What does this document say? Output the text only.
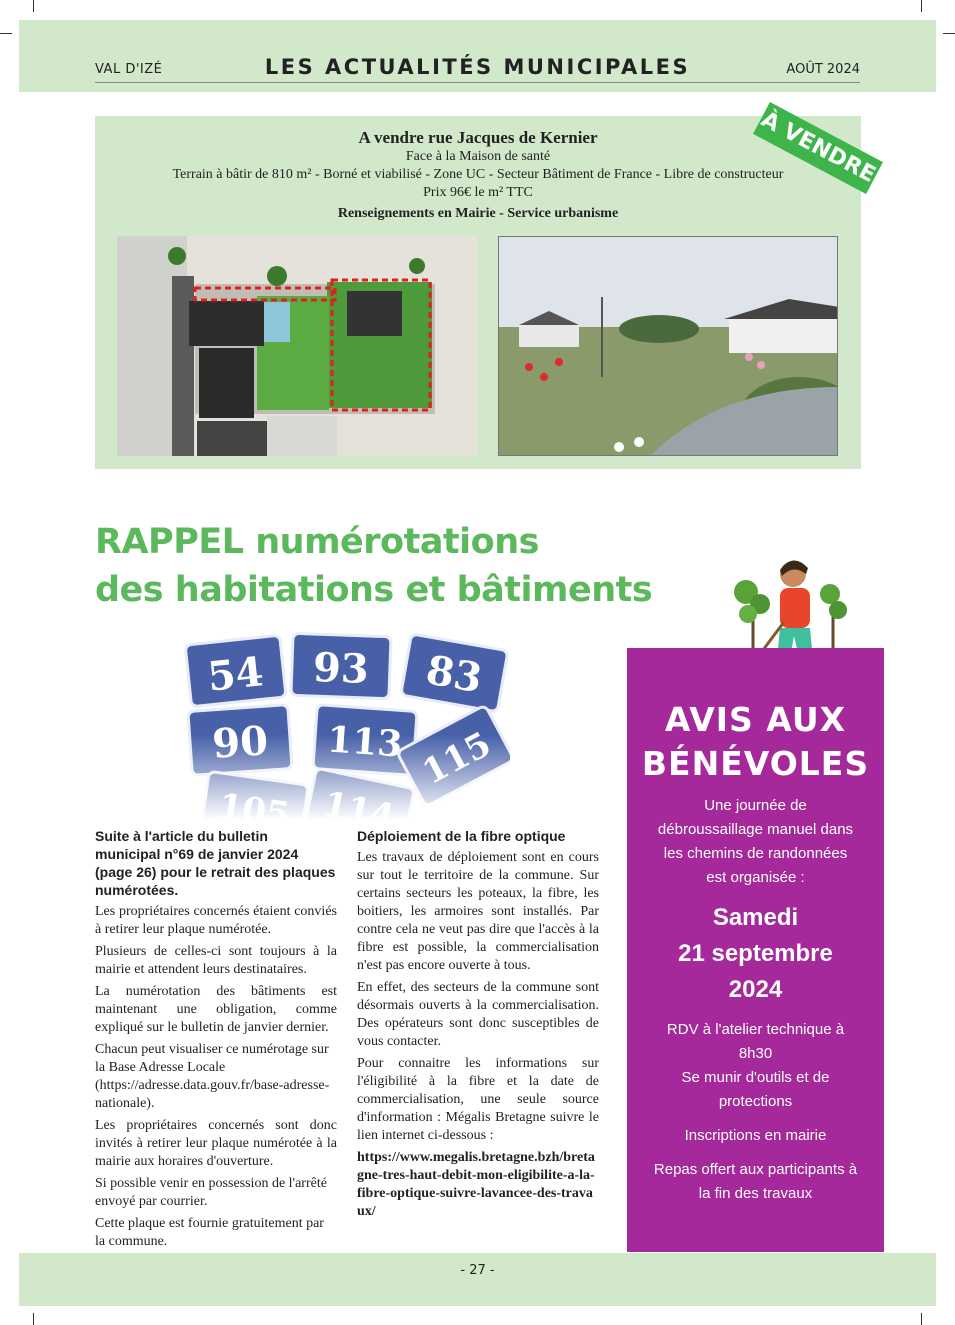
VAL D'IZÉ	LES ACTUALITÉS MUNICIPALES	AOÛT 2024
A vendre rue Jacques de Kernier
Face à la Maison de santé
Terrain à bâtir de 810 m² - Borné et viabilisé - Zone UC - Secteur Bâtiment de France - Libre de constructeur
Prix 96€ le m² TTC
Renseignements en Mairie - Service urbanisme
À VENDRE
RAPPEL numérotations
des habitations et bâtiments
Suite à l'article du bulletin municipal n°69 de janvier 2024 (page 26) pour le retrait des plaques numérotées.

Les propriétaires concernés étaient conviés à retirer leur plaque numérotée.

Plusieurs de celles-ci sont toujours à la mairie et attendent leurs destinataires.

La numérotation des bâtiments est maintenant une obligation, comme expliqué sur le bulletin de janvier dernier.

Chacun peut visualiser ce numérotage sur la Base Adresse Locale (https://adresse.data.gouv.fr/base-adresse-nationale).

Les propriétaires concernés sont donc invités à retirer leur plaque numérotée à la mairie aux horaires d'ouverture.

Si possible venir en possession de l'arrêté envoyé par courrier.

Cette plaque est fournie gratuitement par la commune.

Déploiement de la fibre optique

Les travaux de déploiement sont en cours sur tout le territoire de la commune. Sur certains secteurs les poteaux, la fibre, les boitiers, les armoires sont installés. Par contre cela ne veut pas dire que l'accès à la fibre est possible, la commercialisation n'est pas encore ouverte à tous.

En effet, des secteurs de la commune sont désormais ouverts à la commercialisation. Des opérateurs sont donc susceptibles de vous contacter.

Pour connaitre les informations sur l'éligibilité à la fibre et la date de commercialisation, une seule source d'information : Mégalis Bretagne suivre le lien internet ci-dessous :

https://www.megalis.bretagne.bzh/bretagne-tres-haut-debit-mon-eligibilite-a-la-fibre-optique-suivre-lavancee-des-travaux/

AVIS AUX
BÉNÉVOLES
Une journée de débroussaillage manuel dans les chemins de randonnées est organisée :
Samedi
21 septembre
2024
RDV à l'atelier technique à 8h30
Se munir d'outils et de protections
Inscriptions en mairie
Repas offert aux participants à la fin des travaux
- 27 -
